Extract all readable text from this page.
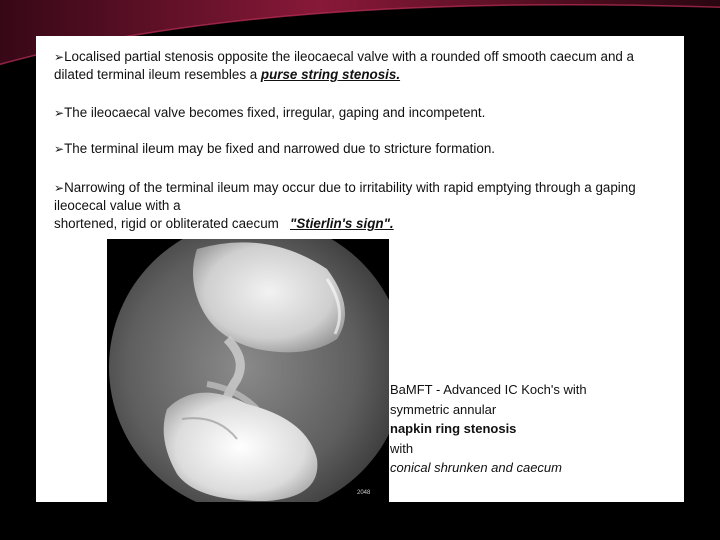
➢Localised partial stenosis opposite the ileocaecal valve with a rounded off smooth caecum and a dilated terminal ileum resembles a purse string stenosis.
➢The ileocaecal valve becomes fixed, irregular, gaping and incompetent.
➢The terminal ileum may be fixed and narrowed due to stricture formation.
➢Narrowing of the terminal ileum may occur due to irritability with rapid emptying through a gaping ileocecal value with a
shortened, rigid or obliterated caecum "Stierlin's sign".
2048
BaMFT - Advanced IC Koch's with
symmetric annular
napkin ring stenosis
with
conical shrunken and caecum
